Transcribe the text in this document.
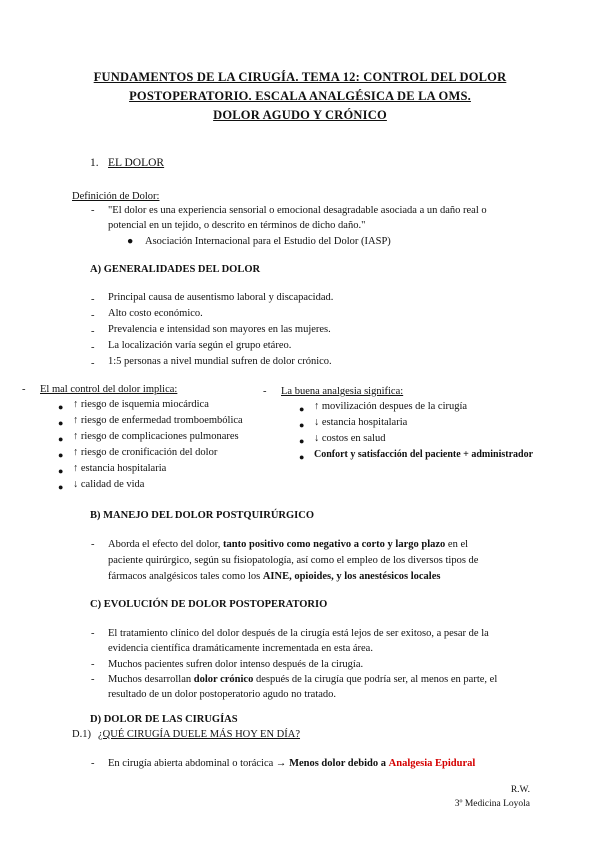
FUNDAMENTOS DE LA CIRUGÍA. TEMA 12: CONTROL DEL DOLOR
POSTOPERATORIO. ESCALA ANALGÉSICA DE LA OMS.
DOLOR AGUDO Y CRÓNICO
1. EL DOLOR
Definición de Dolor:
- "El dolor es una experiencia sensorial o emocional desagradable asociada a un daño real o
potencial en un tejido, o descrito en términos de dicho daño."
● Asociación Internacional para el Estudio del Dolor (IASP)
A) GENERALIDADES DEL DOLOR
-
-
-
-
-
Principal causa de ausentismo laboral y discapacidad.
Alto costo económico.
Prevalencia e intensidad son mayores en las mujeres.
La localización varía según el grupo etáreo.
1:5 personas a nivel mundial sufren de dolor crónico.
- El mal control del dolor implica:
●
●
●
●
●
●
↑ riesgo de isquemia miocárdica
↑ riesgo de enfermedad tromboembólica
↑ riesgo de complicaciones pulmonares
↑ riesgo de cronificación del dolor
↑ estancia hospitalaria
↓ calidad de vida
- La buena analgesia significa:
●
●
●
●
↑ movilización despues de la cirugía
↓ estancia hospitalaria
↓ costos en salud
Confort y satisfacción del paciente + administrador
B) MANEJO DEL DOLOR POSTQUIRÚRGICO
- Aborda el efecto del dolor, tanto positivo como negativo a corto y largo plazo en el
paciente quirúrgico, según su fisiopatología, así como el empleo de los diversos tipos de
fármacos analgésicos tales como los AINE, opioides, y los anestésicos locales
C) EVOLUCIÓN DE DOLOR POSTOPERATORIO
- El tratamiento clínico del dolor después de la cirugía está lejos de ser exitoso, a pesar de la
evidencia científica dramáticamente incrementada en esta área.
- Muchos pacientes sufren dolor intenso después de la cirugía.
- Muchos desarrollan dolor crónico después de la cirugía que podría ser, al menos en parte, el
resultado de un dolor postoperatorio agudo no tratado.
D) DOLOR DE LAS CIRUGÍAS
D.1) ¿QUÉ CIRUGÍA DUELE MÁS HOY EN DÍA?
- En cirugía abierta abdominal o torácica → Menos dolor debido a Analgesia Epidural
R.W.
3º Medicina Loyola
